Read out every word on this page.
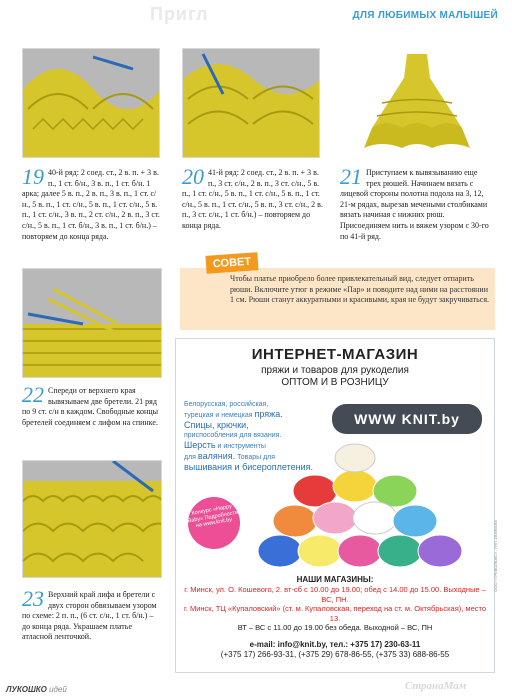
Пригл	ДЛЯ ЛЮБИМЫХ МАЛЫШЕЙ
19 40-й ряд: 2 соед. ст., 2 в. п. + 3 в. п., 1 ст. б/н., 3 в. п., 1 ст. б/н. 1 арка; далее 5 в. п., 2 в. п., 3 в. п., 1 ст. с/н., 5 в. п., 1 ст. с/н., 5 в. п., 1 ст. с/н., 5 в. п., 1 ст. с/н., 3 в. п., 2 ст. с/н., 2 в. п., 3 ст. с/н., 5 в. п., 1 ст. б/н., 3 в. п., 1 ст. б/н.) – повторяем до конца ряда.
20 41-й ряд: 2 соед. ст., 2 в. п. + 3 в. п., 3 ст. с/н., 2 в. п., 3 ст. с/н., 5 в. п., 1 ст. с/н., 5 в. п., 1 ст. с/н., 5 в. п., 1 ст. с/н., 5 в. п., 1 ст. с/н., 5 в. п., 3 ст. с/н., 2 в. п., 3 ст. с/н., 1 ст. б/н.) – повторяем до конца ряда.
21 Приступаем к вывязыванию еще трех рюшей. Начинаем вязать с лицевой стороны полотна подола на 3, 12, 21-м рядах, вырезав мечеными столбиками вязать начиная с нижних рюш. Присоединяем нить и вяжем узором с 30-го по 41-й ряд.
22 Спереди от верхнего края вывязываем две бретели. 21 ряд по 9 ст. с/н в каждом. Свободные концы бретелей соединяем с лифом на спинке.
23 Верхний край лифа и бретели с двух сторон обвязываем узором по схеме: 2 п. п., (6 ст. с/н., 1 ст. б/н.) – до конца ряда. Украшаем платье атласной ленточкой.
СОВЕТ
Чтобы платье приобрело более привлекательный вид, следует отпарить рюши. Включите утюг в режиме «Пар» и поводите над ними на расстоянии 1 см. Рюши станут аккуратными и красивыми, края не будут закручиваться.
ИНТЕРНЕТ-МАГАЗИН
пряжи и товаров для рукоделия
ОПТОМ И В РОЗНИЦУ
Белорусская, российская,
турецкая и немецкая пряжа.
Спицы, крючки,
приспособления для вязания.
Шерсть и инструменты
для валяния. Товары для
вышивания и бисероплетения.
WWW KNIT.by
Конкурс «Happy Baby» Подробности на www.knit.by
НАШИ МАГАЗИНЫ:
г. Минск, ул. О. Кошевого, 2. вт-сб с 10.00 до 19.00; обед с 14.00 до 15.00. Выходные – ВС, ПН.
г. Минск, ТЦ «Купаловский» (ст. м. Купаловская, переход на ст. м. Октябрьская), место 13.
ВТ – ВС с 11.00 до 19.00 без обеда. Выходной – ВС, ПН
e-mail: info@knit.by, тел.: +375 17) 230-63-11
(+375 17) 266-93-31, (+375 29) 678-86-55, (+375 33) 688-86-55
ООО «ТРЕВОЛЮКС». УНП 190965065
ЛУКОШКО идей	СтранаМам
